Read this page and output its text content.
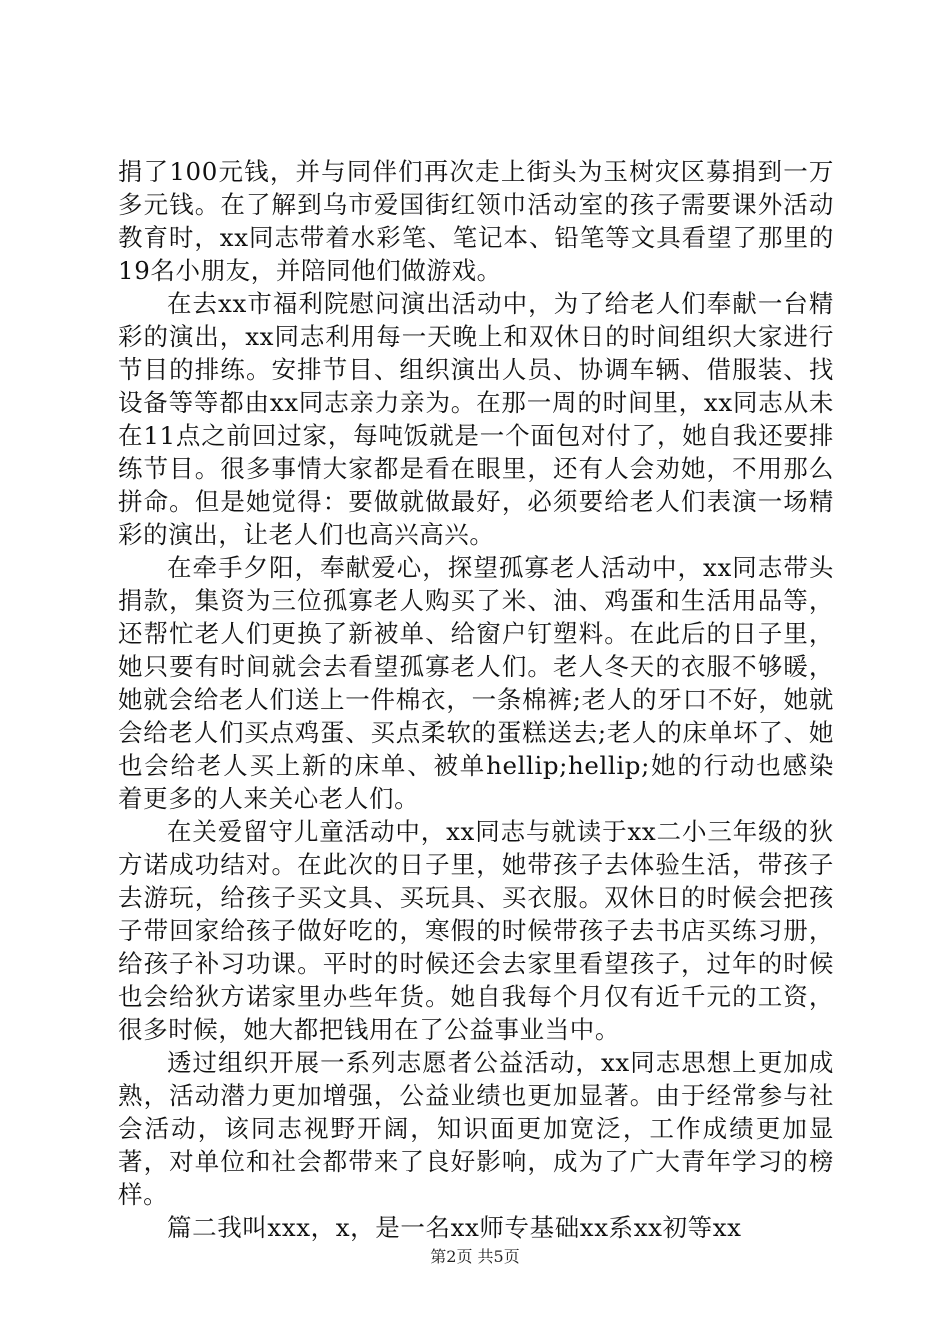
捐了100元钱，并与同伴们再次走上街头为玉树灾区募捐到一万多元钱。在了解到乌市爱国街红领巾活动室的孩子需要课外活动教育时，xx同志带着水彩笔、笔记本、铅笔等文具看望了那里的19名小朋友，并陪同他们做游戏。

在去xx市福利院慰问演出活动中，为了给老人们奉献一台精彩的演出，xx同志利用每一天晚上和双休日的时间组织大家进行节目的排练。安排节目、组织演出人员、协调车辆、借服装、找设备等等都由xx同志亲力亲为。在那一周的时间里，xx同志从未在11点之前回过家，每吨饭就是一个面包对付了，她自我还要排练节目。很多事情大家都是看在眼里，还有人会劝她，不用那么拼命。但是她觉得：要做就做最好，必须要给老人们表演一场精彩的演出，让老人们也高兴高兴。

在牵手夕阳，奉献爱心，探望孤寡老人活动中，xx同志带头捐款，集资为三位孤寡老人购买了米、油、鸡蛋和生活用品等，还帮忙老人们更换了新被单、给窗户钉塑料。在此后的日子里，她只要有时间就会去看望孤寡老人们。老人冬天的衣服不够暖，她就会给老人们送上一件棉衣，一条棉裤;老人的牙口不好，她就会给老人们买点鸡蛋、买点柔软的蛋糕送去;老人的床单坏了、她也会给老人买上新的床单、被单hellip;hellip;她的行动也感染着更多的人来关心老人们。

在关爱留守儿童活动中，xx同志与就读于xx二小三年级的狄方诺成功结对。在此次的日子里，她带孩子去体验生活，带孩子去游玩，给孩子买文具、买玩具、买衣服。双休日的时候会把孩子带回家给孩子做好吃的，寒假的时候带孩子去书店买练习册，给孩子补习功课。平时的时候还会去家里看望孩子，过年的时候也会给狄方诺家里办些年货。她自我每个月仅有近千元的工资，很多时候，她大都把钱用在了公益事业当中。

透过组织开展一系列志愿者公益活动，xx同志思想上更加成熟，活动潜力更加增强，公益业绩也更加显著。由于经常参与社会活动，该同志视野开阔，知识面更加宽泛，工作成绩更加显著，对单位和社会都带来了良好影响，成为了广大青年学习的榜样。

篇二我叫xxx，x，是一名xx师专基础xx系xx初等xx

第2页 共5页
